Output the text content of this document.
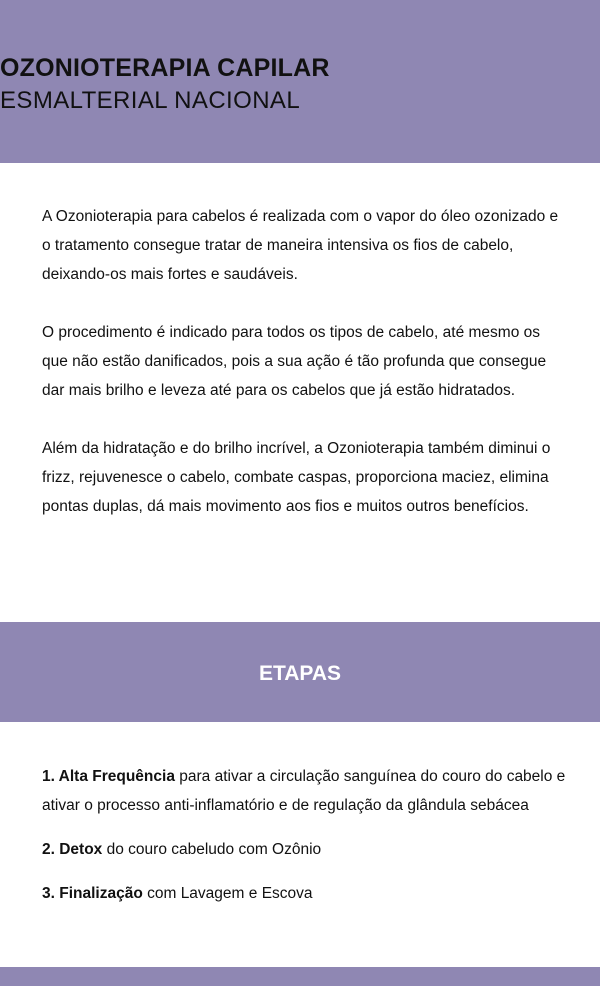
OZONIOTERAPIA CAPILAR
ESMALTERIAL NACIONAL

A Ozonioterapia para cabelos é realizada com o vapor do óleo ozonizado e o tratamento consegue tratar de maneira intensiva os fios de cabelo, deixando-os mais fortes e saudáveis.

O procedimento é indicado para todos os tipos de cabelo, até mesmo os que não estão danificados, pois a sua ação é tão profunda que consegue dar mais brilho e leveza até para os cabelos que já estão hidratados.

Além da hidratação e do brilho incrível, a Ozonioterapia também diminui o frizz, rejuvenesce o cabelo, combate caspas, proporciona maciez, elimina pontas duplas, dá mais movimento aos fios e muitos outros benefícios.

ETAPAS
1. Alta Frequência para ativar a circulação sanguínea do couro do cabelo e ativar o processo anti-inflamatório e de regulação da glândula sebácea
2. Detox do couro cabeludo com Ozônio
3. Finalização com Lavagem e Escova
